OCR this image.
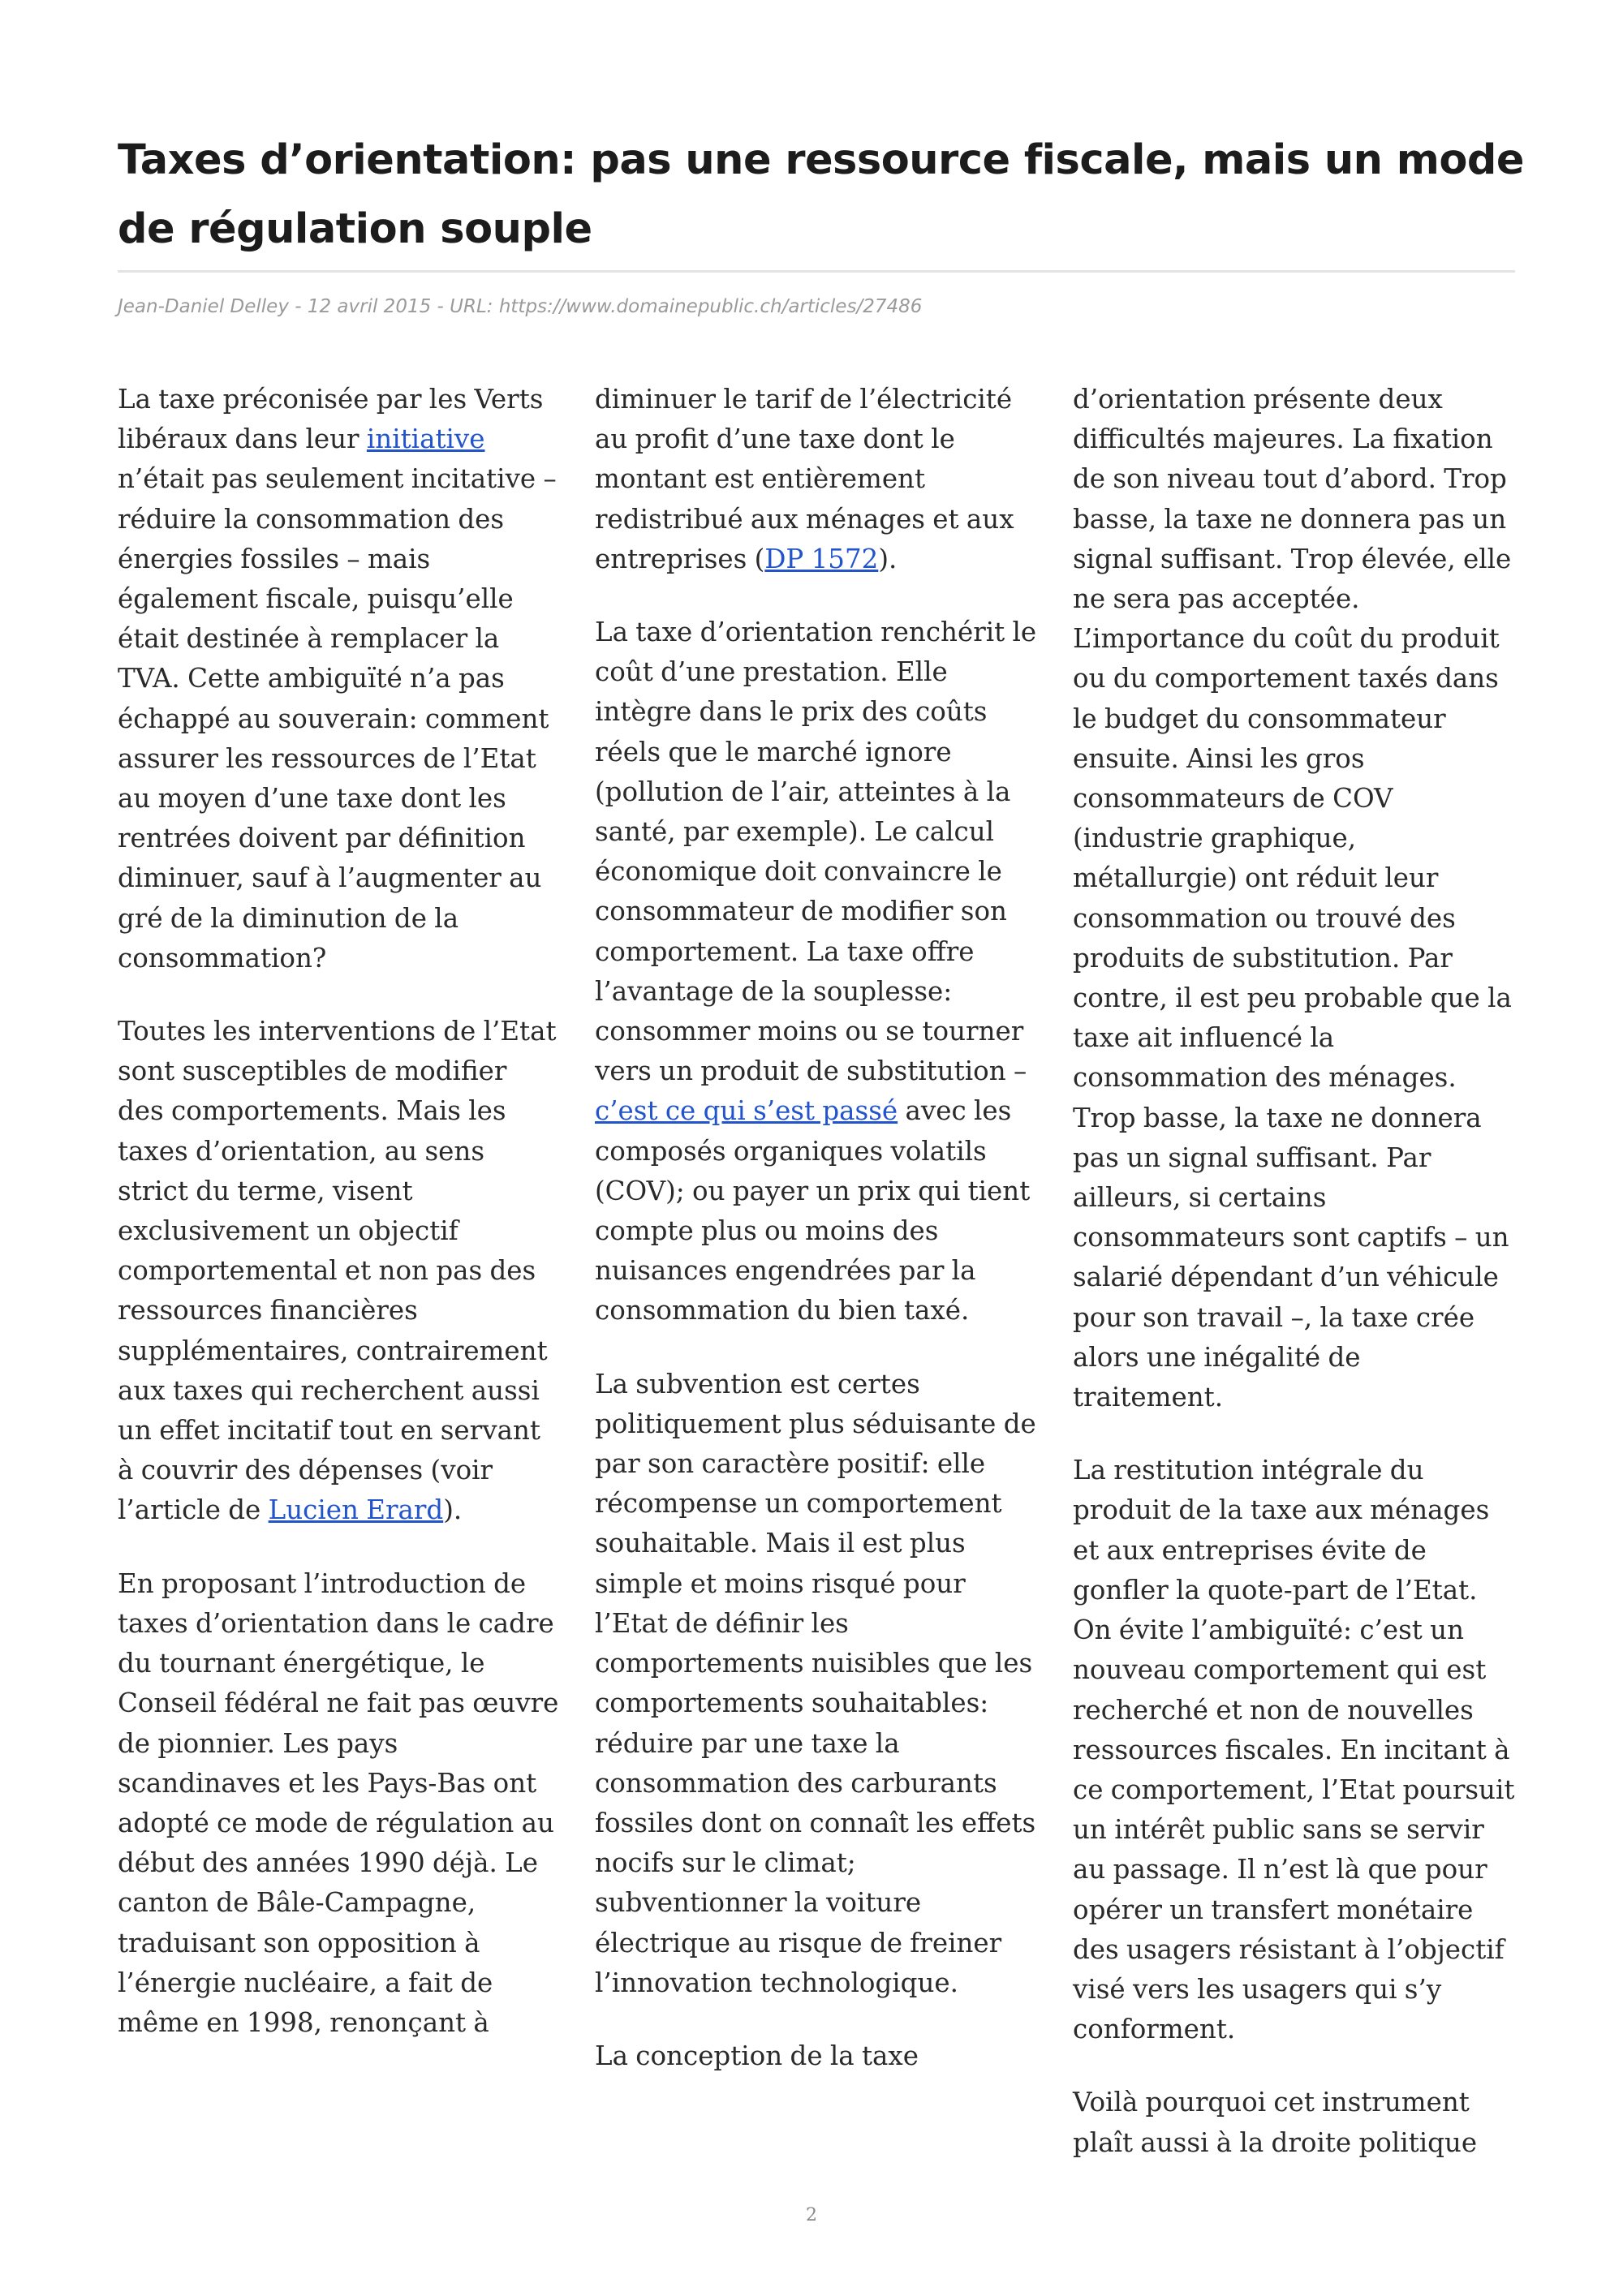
Taxes d’orientation: pas une ressource fiscale, mais un mode de régulation souple
Jean-Daniel Delley - 12 avril 2015 - URL: https://www.domainepublic.ch/articles/27486

La taxe préconisée par les Verts libéraux dans leur initiative n’était pas seulement incitative – réduire la consommation des énergies fossiles – mais également fiscale, puisqu’elle était destinée à remplacer la TVA. Cette ambiguïté n’a pas échappé au souverain: comment assurer les ressources de l’Etat au moyen d’une taxe dont les rentrées doivent par définition diminuer, sauf à l’augmenter au gré de la diminution de la consommation?

Toutes les interventions de l’Etat sont susceptibles de modifier des comportements. Mais les taxes d’orientation, au sens strict du terme, visent exclusivement un objectif comportemental et non pas des ressources financières supplémentaires, contrairement aux taxes qui recherchent aussi un effet incitatif tout en servant à couvrir des dépenses (voir l’article de Lucien Erard).

En proposant l’introduction de taxes d’orientation dans le cadre du tournant énergétique, le Conseil fédéral ne fait pas œuvre de pionnier. Les pays scandinaves et les Pays-Bas ont adopté ce mode de régulation au début des années 1990 déjà. Le canton de Bâle-Campagne, traduisant son opposition à l’énergie nucléaire, a fait de même en 1998, renonçant à

diminuer le tarif de l’électricité au profit d’une taxe dont le montant est entièrement redistribué aux ménages et aux entreprises (DP 1572).

La taxe d’orientation renchérit le coût d’une prestation. Elle intègre dans le prix des coûts réels que le marché ignore (pollution de l’air, atteintes à la santé, par exemple). Le calcul économique doit convaincre le consommateur de modifier son comportement. La taxe offre l’avantage de la souplesse: consommer moins ou se tourner vers un produit de substitution – c’est ce qui s’est passé avec les composés organiques volatils (COV); ou payer un prix qui tient compte plus ou moins des nuisances engendrées par la consommation du bien taxé.

La subvention est certes politiquement plus séduisante de par son caractère positif: elle récompense un comportement souhaitable. Mais il est plus simple et moins risqué pour l’Etat de définir les comportements nuisibles que les comportements souhaitables: réduire par une taxe la consommation des carburants fossiles dont on connaît les effets nocifs sur le climat; subventionner la voiture électrique au risque de freiner l’innovation technologique.

La conception de la taxe

d’orientation présente deux difficultés majeures. La fixation de son niveau tout d’abord. Trop basse, la taxe ne donnera pas un signal suffisant. Trop élevée, elle ne sera pas acceptée. L’importance du coût du produit ou du comportement taxés dans le budget du consommateur ensuite. Ainsi les gros consommateurs de COV (industrie graphique, métallurgie) ont réduit leur consommation ou trouvé des produits de substitution. Par contre, il est peu probable que la taxe ait influencé la consommation des ménages. Trop basse, la taxe ne donnera pas un signal suffisant. Par ailleurs, si certains consommateurs sont captifs – un salarié dépendant d’un véhicule pour son travail –, la taxe crée alors une inégalité de traitement.

La restitution intégrale du produit de la taxe aux ménages et aux entreprises évite de gonfler la quote-part de l’Etat. On évite l’ambiguïté: c’est un nouveau comportement qui est recherché et non de nouvelles ressources fiscales. En incitant à ce comportement, l’Etat poursuit un intérêt public sans se servir au passage. Il n’est là que pour opérer un transfert monétaire des usagers résistant à l’objectif visé vers les usagers qui s’y conforment.

Voilà pourquoi cet instrument plaît aussi à la droite politique

2
